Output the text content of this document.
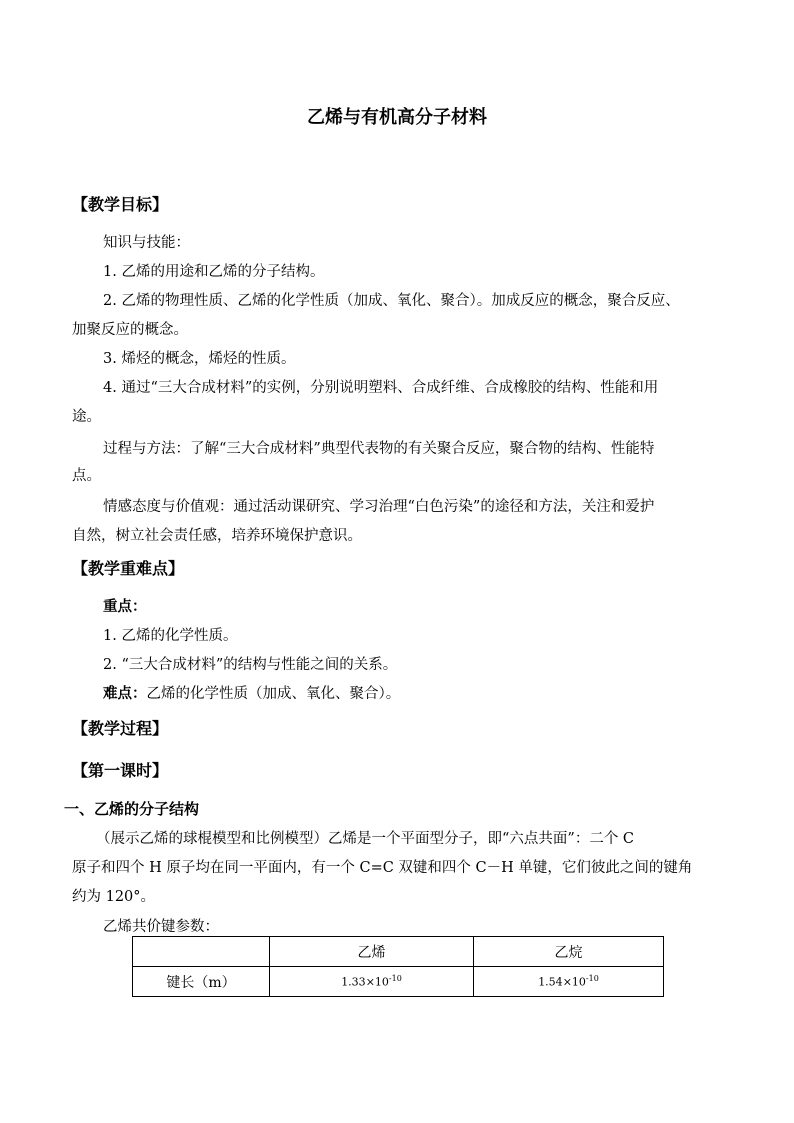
乙烯与有机高分子材料
【教学目标】
知识与技能：
1. 乙烯的用途和乙烯的分子结构。
2. 乙烯的物理性质、乙烯的化学性质（加成、氧化、聚合）。加成反应的概念，聚合反应、
加聚反应的概念。
3. 烯烃的概念，烯烃的性质。
4. 通过“三大合成材料”的实例，分别说明塑料、合成纤维、合成橡胶的结构、性能和用
途。
过程与方法：了解“三大合成材料”典型代表物的有关聚合反应，聚合物的结构、性能特
点。
情感态度与价值观：通过活动课研究、学习治理“白色污染”的途径和方法，关注和爱护
自然，树立社会责任感，培养环境保护意识。
【教学重难点】
重点：
1. 乙烯的化学性质。
2. “三大合成材料”的结构与性能之间的关系。
难点：乙烯的化学性质（加成、氧化、聚合）。
【教学过程】
【第一课时】
一、乙烯的分子结构
（展示乙烯的球棍模型和比例模型）乙烯是一个平面型分子，即“六点共面”：二个 C
原子和四个 H 原子均在同一平面内，有一个 C=C 双键和四个 C－H 单键，它们彼此之间的键角
约为 120°。
乙烯共价键参数：
	乙烯	乙烷
键长（m）	$1.33\times 10^{-10}$	$1.54\times 10^{-10}$
